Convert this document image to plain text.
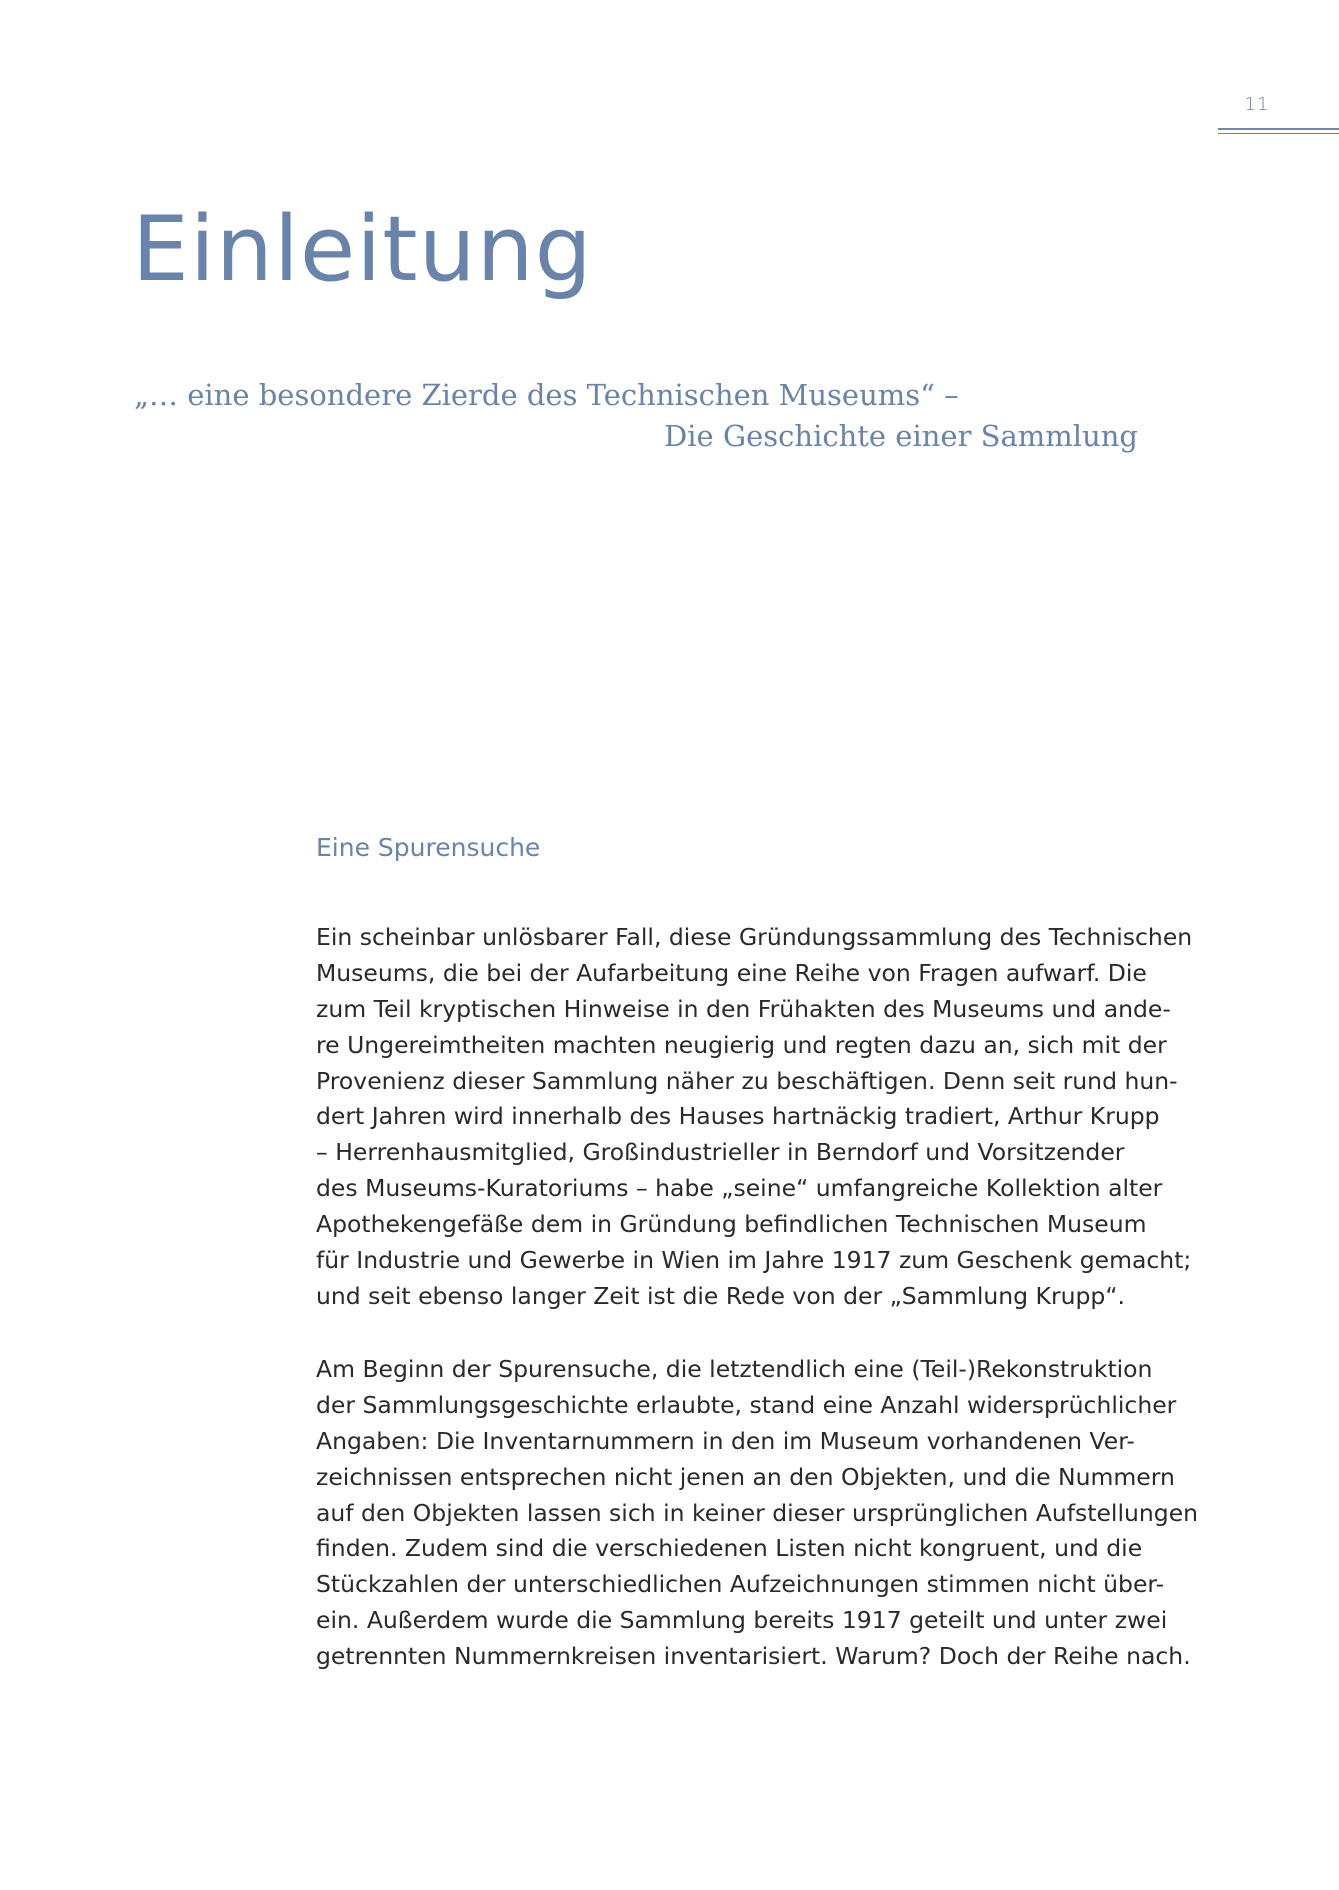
11
Einleitung
„… eine besondere Zierde des Technischen Museums“ –
Die Geschichte einer Sammlung
Eine Spurensuche
Ein scheinbar unlösbarer Fall, diese Gründungssammlung des Technischen
Museums, die bei der Aufarbeitung eine Reihe von Fragen aufwarf. Die
zum Teil kryptischen Hinweise in den Frühakten des Museums und ande-
re Ungereimtheiten machten neugierig und regten dazu an, sich mit der
Provenienz dieser Sammlung näher zu beschäftigen. Denn seit rund hun-
dert Jahren wird innerhalb des Hauses hartnäckig tradiert, Arthur Krupp
– Herrenhausmitglied, Großindustrieller in Berndorf und Vorsitzender
des Museums-Kuratoriums – habe „seine“ umfangreiche Kollektion alter
Apothekengefäße dem in Gründung befindlichen Technischen Museum
für Industrie und Gewerbe in Wien im Jahre 1917 zum Geschenk gemacht;
und seit ebenso langer Zeit ist die Rede von der „Sammlung Krupp“.
Am Beginn der Spurensuche, die letztendlich eine (Teil-)Rekonstruktion
der Sammlungsgeschichte erlaubte, stand eine Anzahl widersprüchlicher
Angaben: Die Inventarnummern in den im Museum vorhandenen Ver-
zeichnissen entsprechen nicht jenen an den Objekten, und die Nummern
auf den Objekten lassen sich in keiner dieser ursprünglichen Aufstellungen
finden. Zudem sind die verschiedenen Listen nicht kongruent, und die
Stückzahlen der unterschiedlichen Aufzeichnungen stimmen nicht über-
ein. Außerdem wurde die Sammlung bereits 1917 geteilt und unter zwei
getrennten Nummernkreisen inventarisiert. Warum? Doch der Reihe nach.
